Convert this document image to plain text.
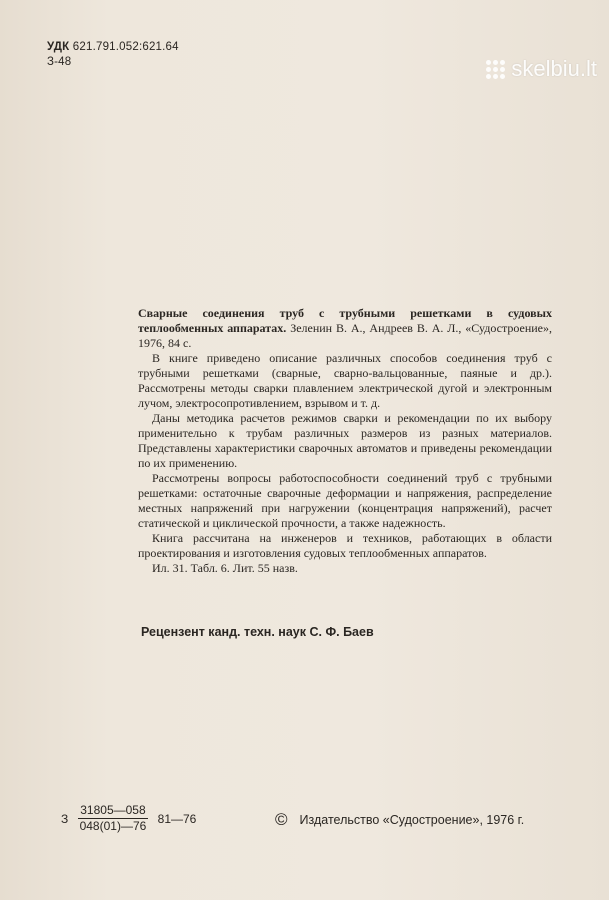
УДК 621.791.052:621.64
З-48	skelbiu.lt

Сварные соединения труб с трубными решетками в судовых теплообменных аппаратах. Зеленин В. А., Андреев В. А. Л., «Судостроение», 1976, 84 с.

В книге приведено описание различных способов соединения труб с трубными решетками (сварные, сварно-вальцованные, паяные и др.). Рассмотрены методы сварки плавлением электрической дугой и электронным лучом, электросопротивлением, взрывом и т. д.

Даны методика расчетов режимов сварки и рекомендации по их выбору применительно к трубам различных размеров из разных материалов. Представлены характеристики сварочных автоматов и приведены рекомендации по их применению.

Рассмотрены вопросы работоспособности соединений труб с трубными решетками: остаточные сварочные деформации и напряжения, распределение местных напряжений при нагружении (концентрация напряжений), расчет статической и циклической прочности, а также надежность.

Книга рассчитана на инженеров и техников, работающих в области проектирования и изготовления судовых теплообменных аппаратов.

Ил. 31. Табл. 6. Лит. 55 назв.

Рецензент канд. техн. наук С. Ф. Баев
З $\frac{31805—058}{048(01)—76}$ 81—76	© Издательство «Судостроение», 1976 г.
